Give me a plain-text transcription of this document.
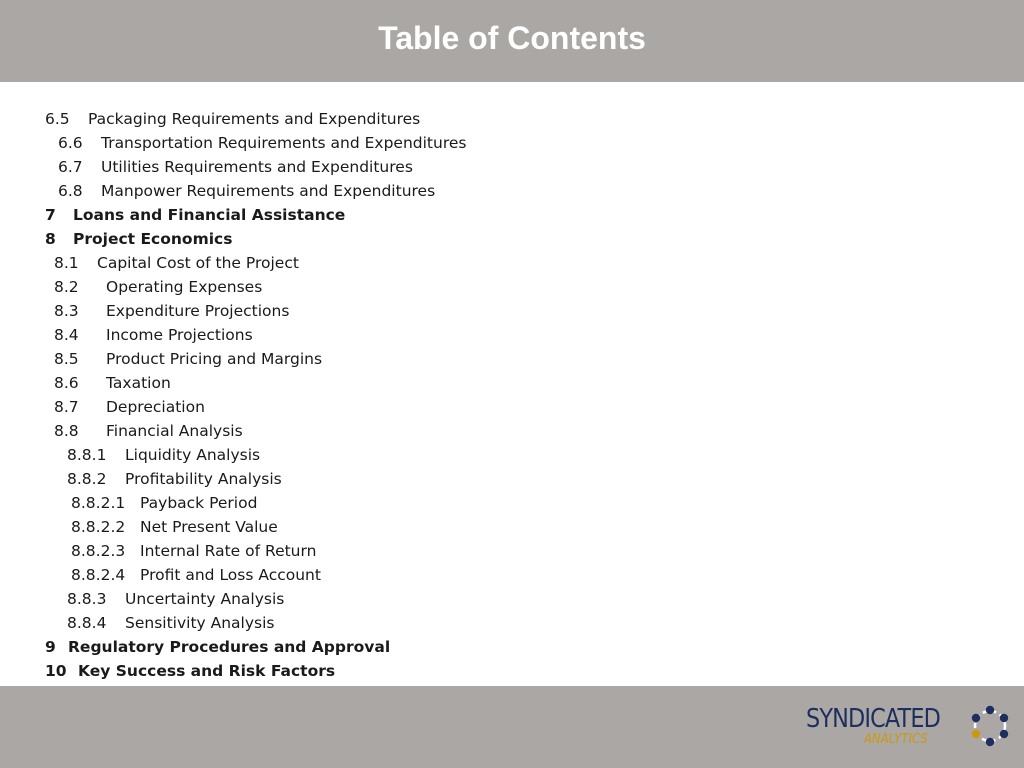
Table of Contents
6.5 Packaging Requirements and Expenditures
6.6 Transportation Requirements and Expenditures
6.7 Utilities Requirements and Expenditures
6.8 Manpower Requirements and Expenditures
7 Loans and Financial Assistance
8 Project Economics
8.1 Capital Cost of the Project
8.2 Operating Expenses
8.3 Expenditure Projections
8.4 Income Projections
8.5 Product Pricing and Margins
8.6 Taxation
8.7 Depreciation
8.8 Financial Analysis
8.8.1 Liquidity Analysis
8.8.2 Profitability Analysis
8.8.2.1 Payback Period
8.8.2.2 Net Present Value
8.8.2.3 Internal Rate of Return
8.8.2.4 Profit and Loss Account
8.8.3 Uncertainty Analysis
8.8.4 Sensitivity Analysis
9 Regulatory Procedures and Approval
10 Key Success and Risk Factors
SYNDICATED
ANALYTICS
